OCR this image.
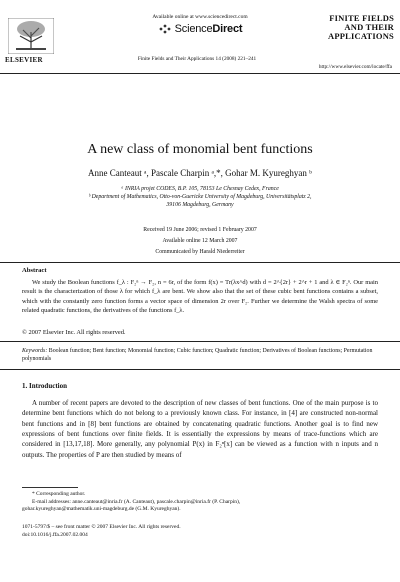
ELSEVIER
Available online at www.sciencedirect.com
ScienceDirect
Finite Fields and Their Applications 14 (2008) 221–241
FINITE FIELDS
AND THEIR
APPLICATIONS
http://www.elsevier.com/locate/ffa
A new class of monomial bent functions
Anne Canteaut ᵃ, Pascale Charpin ᵃ,*, Gohar M. Kyureghyan ᵇ
ᵃ INRIA projet CODES, B.P. 105, 78153 Le Chesnay Cedex, France
ᵇ Department of Mathematics, Otto-von-Guericke University of Magdeburg, Universitätsplatz 2,
39106 Magdeburg, Germany
Received 19 June 2006; revised 1 February 2007
Available online 12 March 2007
Communicated by Harald Niederreiter
Abstract
We study the Boolean functions f_λ : F₂ⁿ → F₂, n = 6r, of the form f(x) = Tr(λx^d) with d = 2^{2r} + 2^r + 1 and λ ∈ F₂ⁿ. Our main result is the characterization of those λ for which f_λ are bent. We show also that the set of these cubic bent functions contains a subset, which with the constantly zero function forms a vector space of dimension 2r over F₂. Further we determine the Walsh spectra of some related quadratic functions, the derivatives of the functions f_λ.
© 2007 Elsevier Inc. All rights reserved.
Keywords: Boolean function; Bent function; Monomial function; Cubic function; Quadratic function; Derivatives of Boolean functions; Permutation polynomials
1. Introduction
A number of recent papers are devoted to the description of new classes of bent functions. One of the main purpose is to determine bent functions which do not belong to a previously known class. For instance, in [4] are constructed non-normal bent functions and in [8] bent functions are obtained by concatenating quadratic functions. Another goal is to find new expressions of bent functions over finite fields. It is essentially the expressions by means of trace-functions which are considered in [13,17,18]. More generally, any polynomial P(x) in F₂ⁿ[x] can be viewed as a function with n inputs and n outputs. The properties of P are then studied by means of
* Corresponding author.
E-mail addresses: anne.canteaut@inria.fr (A. Canteaut), pascale.charpin@inria.fr (P. Charpin),
gohar.kyureghyan@mathematik.uni-magdeburg.de (G.M. Kyureghyan).
1071-5797/$ – see front matter © 2007 Elsevier Inc. All rights reserved.
doi:10.1016/j.ffa.2007.02.004
